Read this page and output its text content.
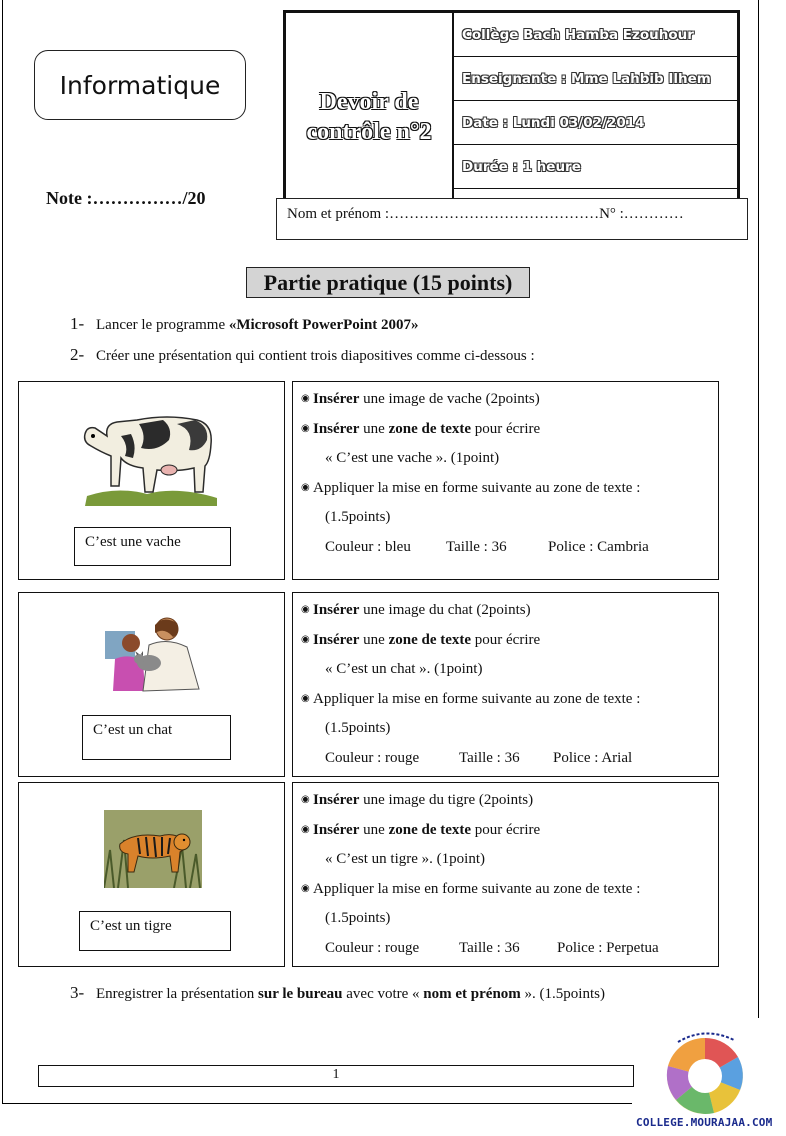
Informatique
Note :……………/20
Devoir de
contrôle n°2
Collège Bach Hamba Ezouhour
Enseignante : Mme Lahbib Ilhem
Date : Lundi 03/02/2014
Durée : 1 heure
Nom et prénom :……………………………………N° :…………
Partie pratique (15 points)
1- Lancer le programme «Microsoft PowerPoint 2007»
2- Créer une présentation qui contient trois diapositives comme ci-dessous :
C’est une vache
◉ Insérer une image de vache (2points)
◉ Insérer une zone de texte pour écrire
« C’est une vache ». (1point)
◉ Appliquer la mise en forme suivante au zone de texte :
(1.5points)
Couleur : bleu Taille : 36	Police : Cambria
C’est un chat
◉ Insérer une image du chat (2points)
◉ Insérer une zone de texte pour écrire
« C’est un chat ». (1point)
◉ Appliquer la mise en forme suivante au zone de texte :
(1.5points)
Couleur : rouge	Taille : 36 Police : Arial
C’est un tigre
◉ Insérer une image du tigre (2points)
◉ Insérer une zone de texte pour écrire
« C’est un tigre ». (1point)
◉ Appliquer la mise en forme suivante au zone de texte :
(1.5points)
Couleur : rouge	Taille : 36 Police : Perpetua
3- Enregistrer la présentation sur le bureau avec votre « nom et prénom ». (1.5points)
1
COLLEGE.MOURAJAA.COM
